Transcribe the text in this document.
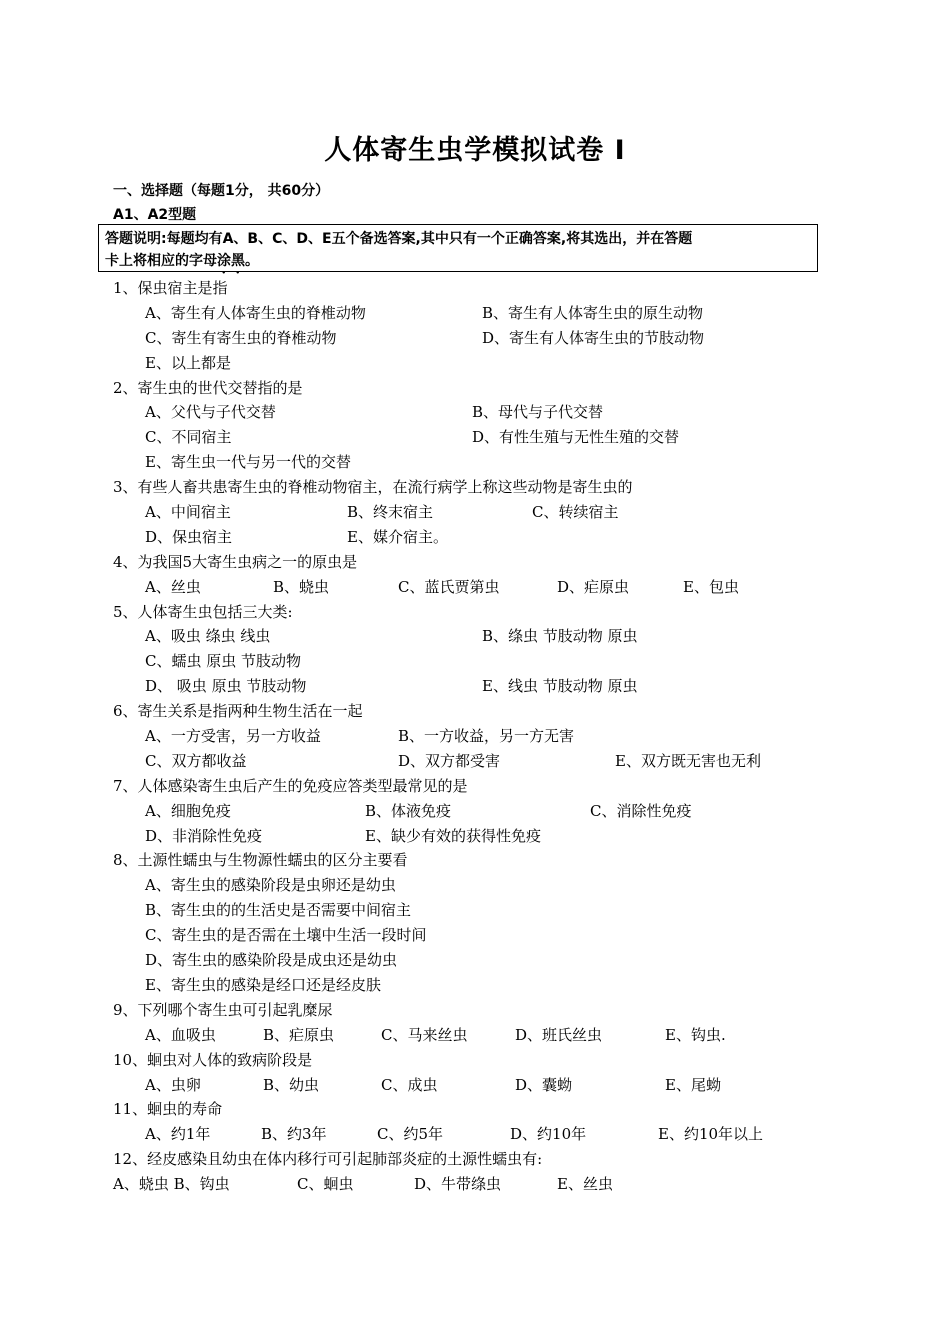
人体寄生虫学模拟试卷 I
一、选择题（每题1分， 共60分）
A1、A2型题
答题说明:每题均有A、B、C、D、E五个备选答案,其中只有一个正确答案,将其选出，并在答题
卡上将相应的字母涂黑。
1、保虫宿主是指
A、寄生有人体寄生虫的脊椎动物	B、寄生有人体寄生虫的原生动物
C、寄生有寄生虫的脊椎动物	D、寄生有人体寄生虫的节肢动物
E、以上都是
2、寄生虫的世代交替指的是
A、父代与子代交替	B、母代与子代交替
C、不同宿主	D、有性生殖与无性生殖的交替
E、寄生虫一代与另一代的交替
3、有些人畜共患寄生虫的脊椎动物宿主，在流行病学上称这些动物是寄生虫的
A、中间宿主	B、终末宿主	C、转续宿主
D、保虫宿主	E、媒介宿主。
4、为我国5大寄生虫病之一的原虫是
A、丝虫	B、蛲虫	C、蓝氏贾第虫	D、疟原虫	E、包虫
5、人体寄生虫包括三大类:
A、吸虫 绦虫 线虫	B、绦虫 节肢动物 原虫
C、蠕虫 原虫 节肢动物
D、 吸虫 原虫 节肢动物	E、线虫 节肢动物 原虫
6、寄生关系是指两种生物生活在一起
A、一方受害，另一方收益	B、一方收益，另一方无害
C、双方都收益	D、双方都受害	E、双方既无害也无利
7、人体感染寄生虫后产生的免疫应答类型最常见的是
A、细胞免疫	B、体液免疫	C、消除性免疫
D、非消除性免疫	E、缺少有效的获得性免疫
8、土源性蠕虫与生物源性蠕虫的区分主要看
A、寄生虫的感染阶段是虫卵还是幼虫
B、寄生虫的的生活史是否需要中间宿主
C、寄生虫的是否需在土壤中生活一段时间
D、寄生虫的感染阶段是成虫还是幼虫
E、寄生虫的感染是经口还是经皮肤
9、下列哪个寄生虫可引起乳糜尿
A、血吸虫	B、疟原虫	C、马来丝虫	D、班氏丝虫	E、钩虫.
10、蛔虫对人体的致病阶段是
A、虫卵	B、幼虫	C、成虫	D、囊蚴	E、尾蚴
11、蛔虫的寿命
A、约1年	B、约3年	C、约5年	D、约10年	E、约10年以上
12、经皮感染且幼虫在体内移行可引起肺部炎症的土源性蠕虫有:
A、蛲虫 B、钩虫	C、蛔虫	D、牛带绦虫	E、丝虫
